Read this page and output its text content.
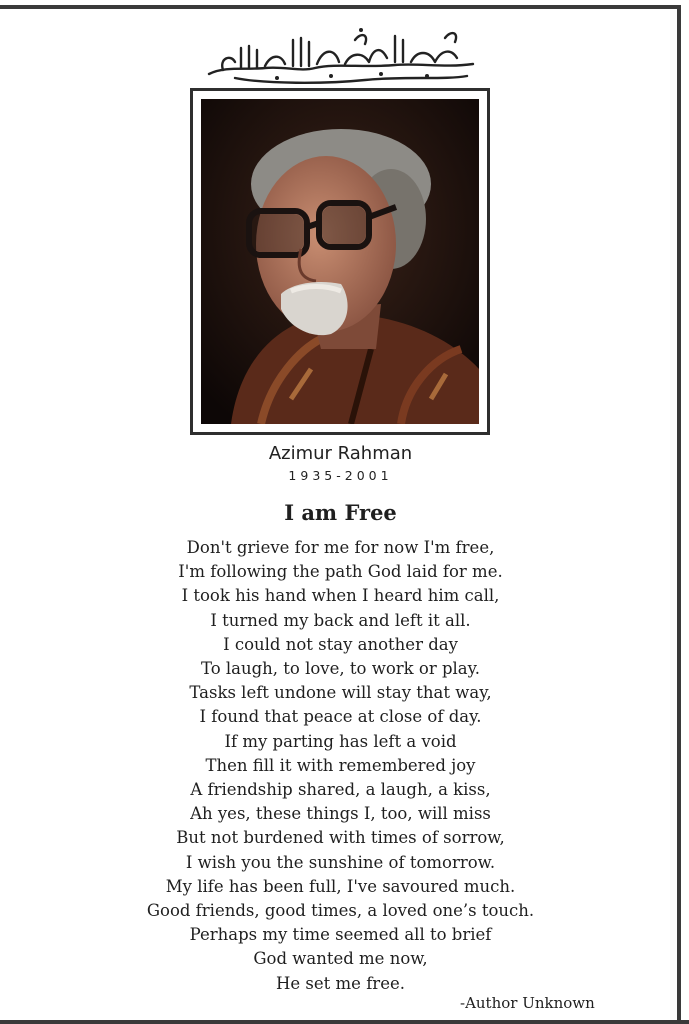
Azimur Rahman
1935-2001
I am Free
Don't grieve for me for now I'm free,
I'm following the path God laid for me.
I took his hand when I heard him call,
I turned my back and left it all.
I could not stay another day
To laugh, to love, to work or play.
Tasks left undone will stay that way,
I found that peace at close of day.
If my parting has left a void
Then fill it with remembered joy
A friendship shared, a laugh, a kiss,
Ah yes, these things I, too, will miss
But not burdened with times of sorrow,
I wish you the sunshine of tomorrow.
My life has been full, I've savoured much.
Good friends, good times, a loved one’s touch.
Perhaps my time seemed all to brief
God wanted me now,
He set me free.
-Author Unknown
